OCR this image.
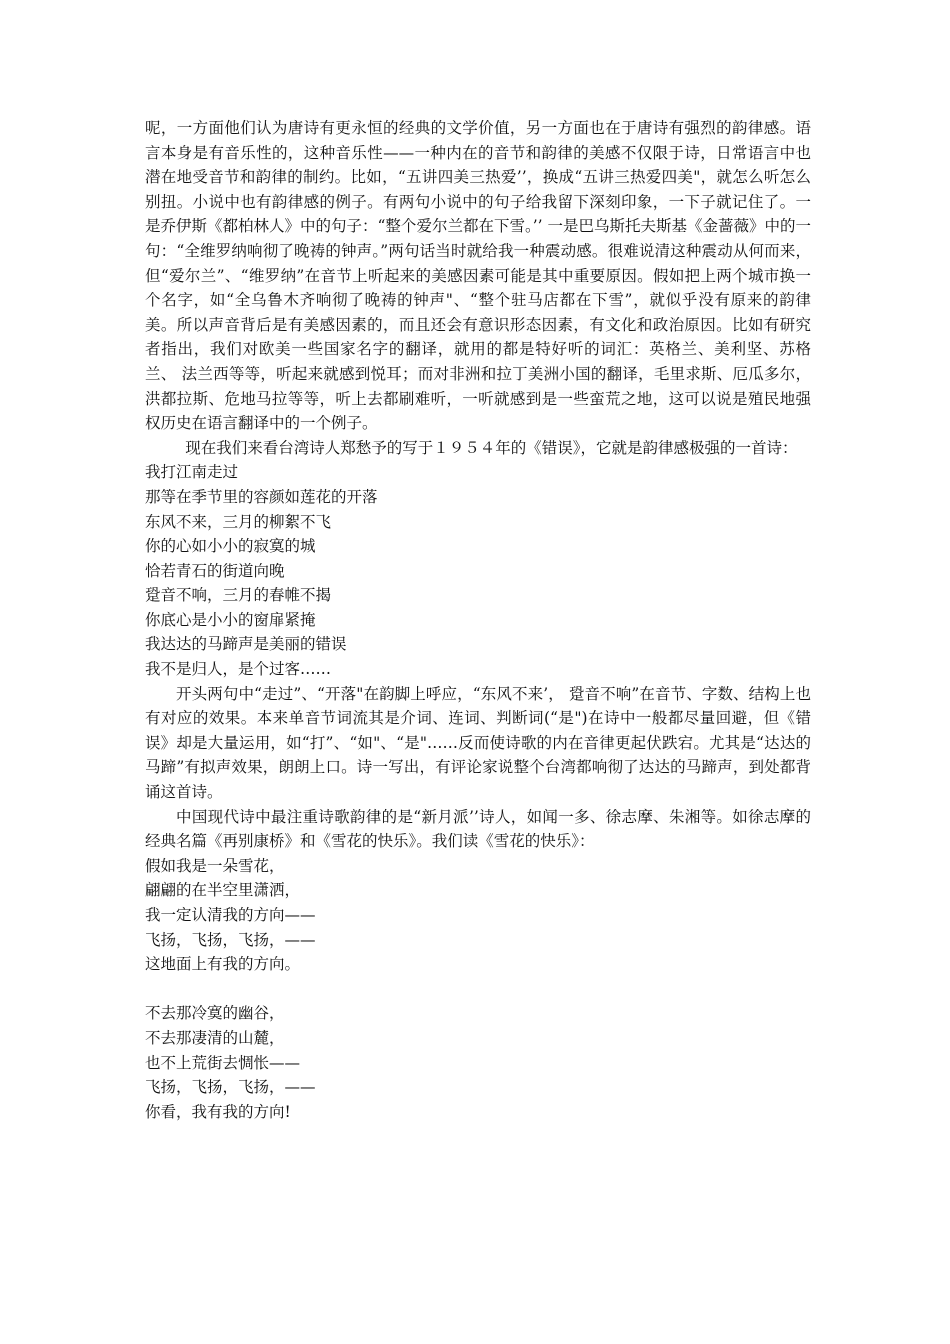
呢，一方面他们认为唐诗有更永恒的经典的文学价值，另一方面也在于唐诗有强烈的韵律感。语言本身是有音乐性的，这种音乐性——一种内在的音节和韵律的美感不仅限于诗，日常语言中也潜在地受音节和韵律的制约。比如，“五讲四美三热爱’’，换成“五讲三热爱四美"，就怎么听怎么别扭。小说中也有韵律感的例子。有两句小说中的句子给我留下深刻印象，一下子就记住了。一是乔伊斯《都柏林人》中的句子：“整个爱尔兰都在下雪。’’ 一是巴乌斯托夫斯基《金蔷薇》中的一句：“全维罗纳响彻了晚祷的钟声。”两句话当时就给我一种震动感。很难说清这种震动从何而来，但“爱尔兰”、“维罗纳”在音节上听起来的美感因素可能是其中重要原因。假如把上两个城市换一个名字，如“全乌鲁木齐响彻了晚祷的钟声"、“整个驻马店都在下雪”，就似乎没有原来的韵律美。所以声音背后是有美感因素的，而且还会有意识形态因素，有文化和政治原因。比如有研究者指出，我们对欧美一些国家名字的翻译，就用的都是特好听的词汇：英格兰、美利坚、苏格兰、 法兰西等等，听起来就感到悦耳；而对非洲和拉丁美洲小国的翻译，毛里求斯、厄瓜多尔，洪都拉斯、危地马拉等等，听上去都刷难听，一听就感到是一些蛮荒之地，这可以说是殖民地强权历史在语言翻译中的一个例子。

现在我们来看台湾诗人郑愁予的写于１９５４年的《错误》，它就是韵律感极强的一首诗：

我打江南走过
那等在季节里的容颜如莲花的开落
东风不来，三月的柳絮不飞
你的心如小小的寂寞的城
恰若青石的街道向晚
跫音不响，三月的春帷不揭
你底心是小小的窗扉紧掩
我达达的马蹄声是美丽的错误
我不是归人，是个过客……

开头两句中“走过”、“开落"在韵脚上呼应，“东风不来’， 跫音不响”在音节、字数、结构上也有对应的效果。本来单音节词流其是介词、连词、判断词(“是")在诗中一般都尽量回避，但《错误》却是大量运用，如“打”、“如"、“是"……反而使诗歌的内在音律更起伏跌宕。尤其是“达达的马蹄”有拟声效果，朗朗上口。诗一写出，有评论家说整个台湾都响彻了达达的马蹄声，到处都背诵这首诗。

中国现代诗中最注重诗歌韵律的是“新月派’’诗人，如闻一多、徐志摩、朱湘等。如徐志摩的经典名篇《再别康桥》和《雪花的快乐》。我们读《雪花的快乐》：

假如我是一朵雪花，
翩翩的在半空里潇洒，
我一定认清我的方向——
飞扬，飞扬，飞扬，——
这地面上有我的方向。
不去那冷寞的幽谷，
不去那凄清的山麓，
也不上荒街去惆怅——
飞扬，飞扬，飞扬，——
你看，我有我的方向!
